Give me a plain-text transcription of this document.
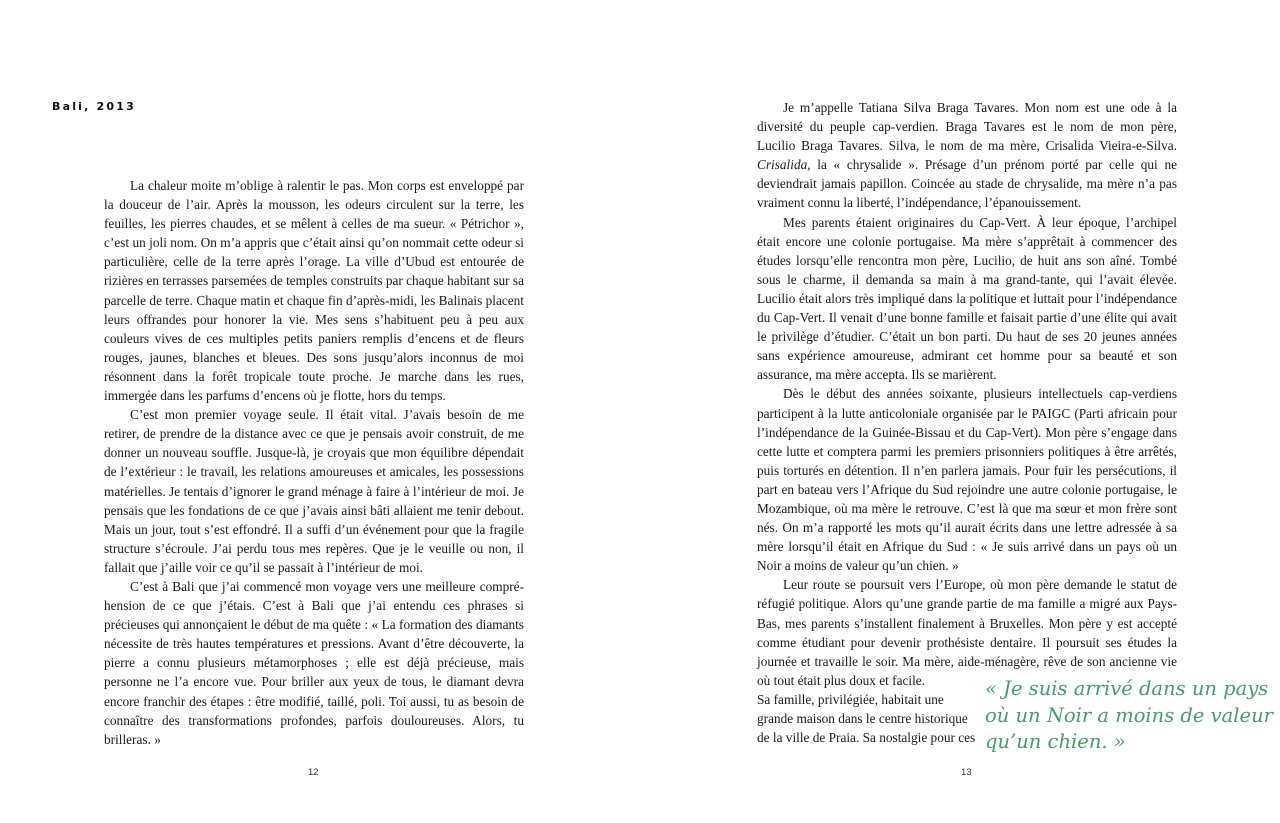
Bali, 2013

La chaleur moite m’oblige à ralentir le pas. Mon corps est enveloppé par la douceur de l’air. Après la mousson, les odeurs circulent sur la terre, les feuilles, les pierres chaudes, et se mêlent à celles de ma sueur. « Pétrichor », c’est un joli nom. On m’a appris que c’était ainsi qu’on nommait cette odeur si particulière, celle de la terre après l’orage. La ville d’Ubud est entourée de rizières en terrasses parsemées de temples construits par chaque habitant sur sa parcelle de terre. Chaque matin et chaque fin d’après-midi, les Balinais placent leurs offrandes pour honorer la vie. Mes sens s’habituent peu à peu aux couleurs vives de ces multiples petits paniers remplis d’encens et de fleurs rouges, jaunes, blanches et bleues. Des sons jusqu’alors inconnus de moi résonnent dans la forêt tropicale toute proche. Je marche dans les rues, immergée dans les parfums d’encens où je flotte, hors du temps.

C’est mon premier voyage seule. Il était vital. J’avais besoin de me retirer, de prendre de la distance avec ce que je pensais avoir construit, de me donner un nouveau souffle. Jusque-là, je croyais que mon équilibre dépendait de l’extérieur : le travail, les relations amoureuses et amicales, les possessions matérielles. Je tentais d’ignorer le grand ménage à faire à l’intérieur de moi. Je pensais que les fondations de ce que j’avais ainsi bâti allaient me tenir debout. Mais un jour, tout s’est effondré. Il a suffi d’un événement pour que la fragile structure s’écroule. J’ai perdu tous mes repères. Que je le veuille ou non, il fallait que j’aille voir ce qu’il se passait à l’intérieur de moi.

C’est à Bali que j’ai commencé mon voyage vers une meilleure compréhension de ce que j’étais. C’est à Bali que j’ai entendu ces phrases si précieuses qui annonçaient le début de ma quête : « La formation des diamants nécessite de très hautes températures et pressions. Avant d’être découverte, la pierre a connu plusieurs métamorphoses ; elle est déjà précieuse, mais personne ne l’a encore vue. Pour briller aux yeux de tous, le diamant devra encore franchir des étapes : être modifié, taillé, poli. Toi aussi, tu as besoin de connaître des transformations profondes, parfois douloureuses. Alors, tu brilleras. »

12

Je m’appelle Tatiana Silva Braga Tavares. Mon nom est une ode à la diversité du peuple cap-verdien. Braga Tavares est le nom de mon père, Lucilio Braga Tavares. Silva, le nom de ma mère, Crisalida Vieira-e-Silva. Crisalida, la « chrysalide ». Présage d’un prénom porté par celle qui ne deviendrait jamais papillon. Coincée au stade de chrysalide, ma mère n’a pas vraiment connu la liberté, l’indépendance, l’épanouissement.

Mes parents étaient originaires du Cap-Vert. À leur époque, l’archipel était encore une colonie portugaise. Ma mère s’apprêtait à commencer des études lorsqu’elle rencontra mon père, Lucilio, de huit ans son aîné. Tombé sous le charme, il demanda sa main à ma grand-tante, qui l’avait élevée. Lucilio était alors très impliqué dans la politique et luttait pour l’indépendance du Cap-Vert. Il venait d’une bonne famille et faisait partie d’une élite qui avait le privilège d’étudier. C’était un bon parti. Du haut de ses 20 jeunes années sans expérience amoureuse, admirant cet homme pour sa beauté et son assurance, ma mère accepta. Ils se marièrent.

Dès le début des années soixante, plusieurs intellectuels cap-verdiens participent à la lutte anticoloniale organisée par le PAIGC (Parti africain pour l’indépendance de la Guinée-Bissau et du Cap-Vert). Mon père s’engage dans cette lutte et comptera parmi les premiers prisonniers politiques à être arrêtés, puis torturés en détention. Il n’en parlera jamais. Pour fuir les persécutions, il part en bateau vers l’Afrique du Sud rejoindre une autre colonie portugaise, le Mozambique, où ma mère le retrouve. C’est là que ma sœur et mon frère sont nés. On m’a rapporté les mots qu’il aurait écrits dans une lettre adressée à sa mère lorsqu’il était en Afrique du Sud : « Je suis arrivé dans un pays où un Noir a moins de valeur qu’un chien. »

Leur route se poursuit vers l’Europe, où mon père demande le statut de réfugié politique. Alors qu’une grande partie de ma famille a migré aux Pays-Bas, mes parents s’installent finalement à Bruxelles. Mon père y est accepté comme étudiant pour devenir prothésiste dentaire. Il poursuit ses études la journée et travaille le soir. Ma mère, aide-ménagère, rêve de son ancienne vie où tout était plus doux et facile.

Sa famille, privilégiée, habitait une
grande maison dans le centre historique
de la ville de Praia. Sa nostalgie pour ces

« Je suis arrivé dans un pays où un Noir a moins de valeur qu’un chien. »

13
